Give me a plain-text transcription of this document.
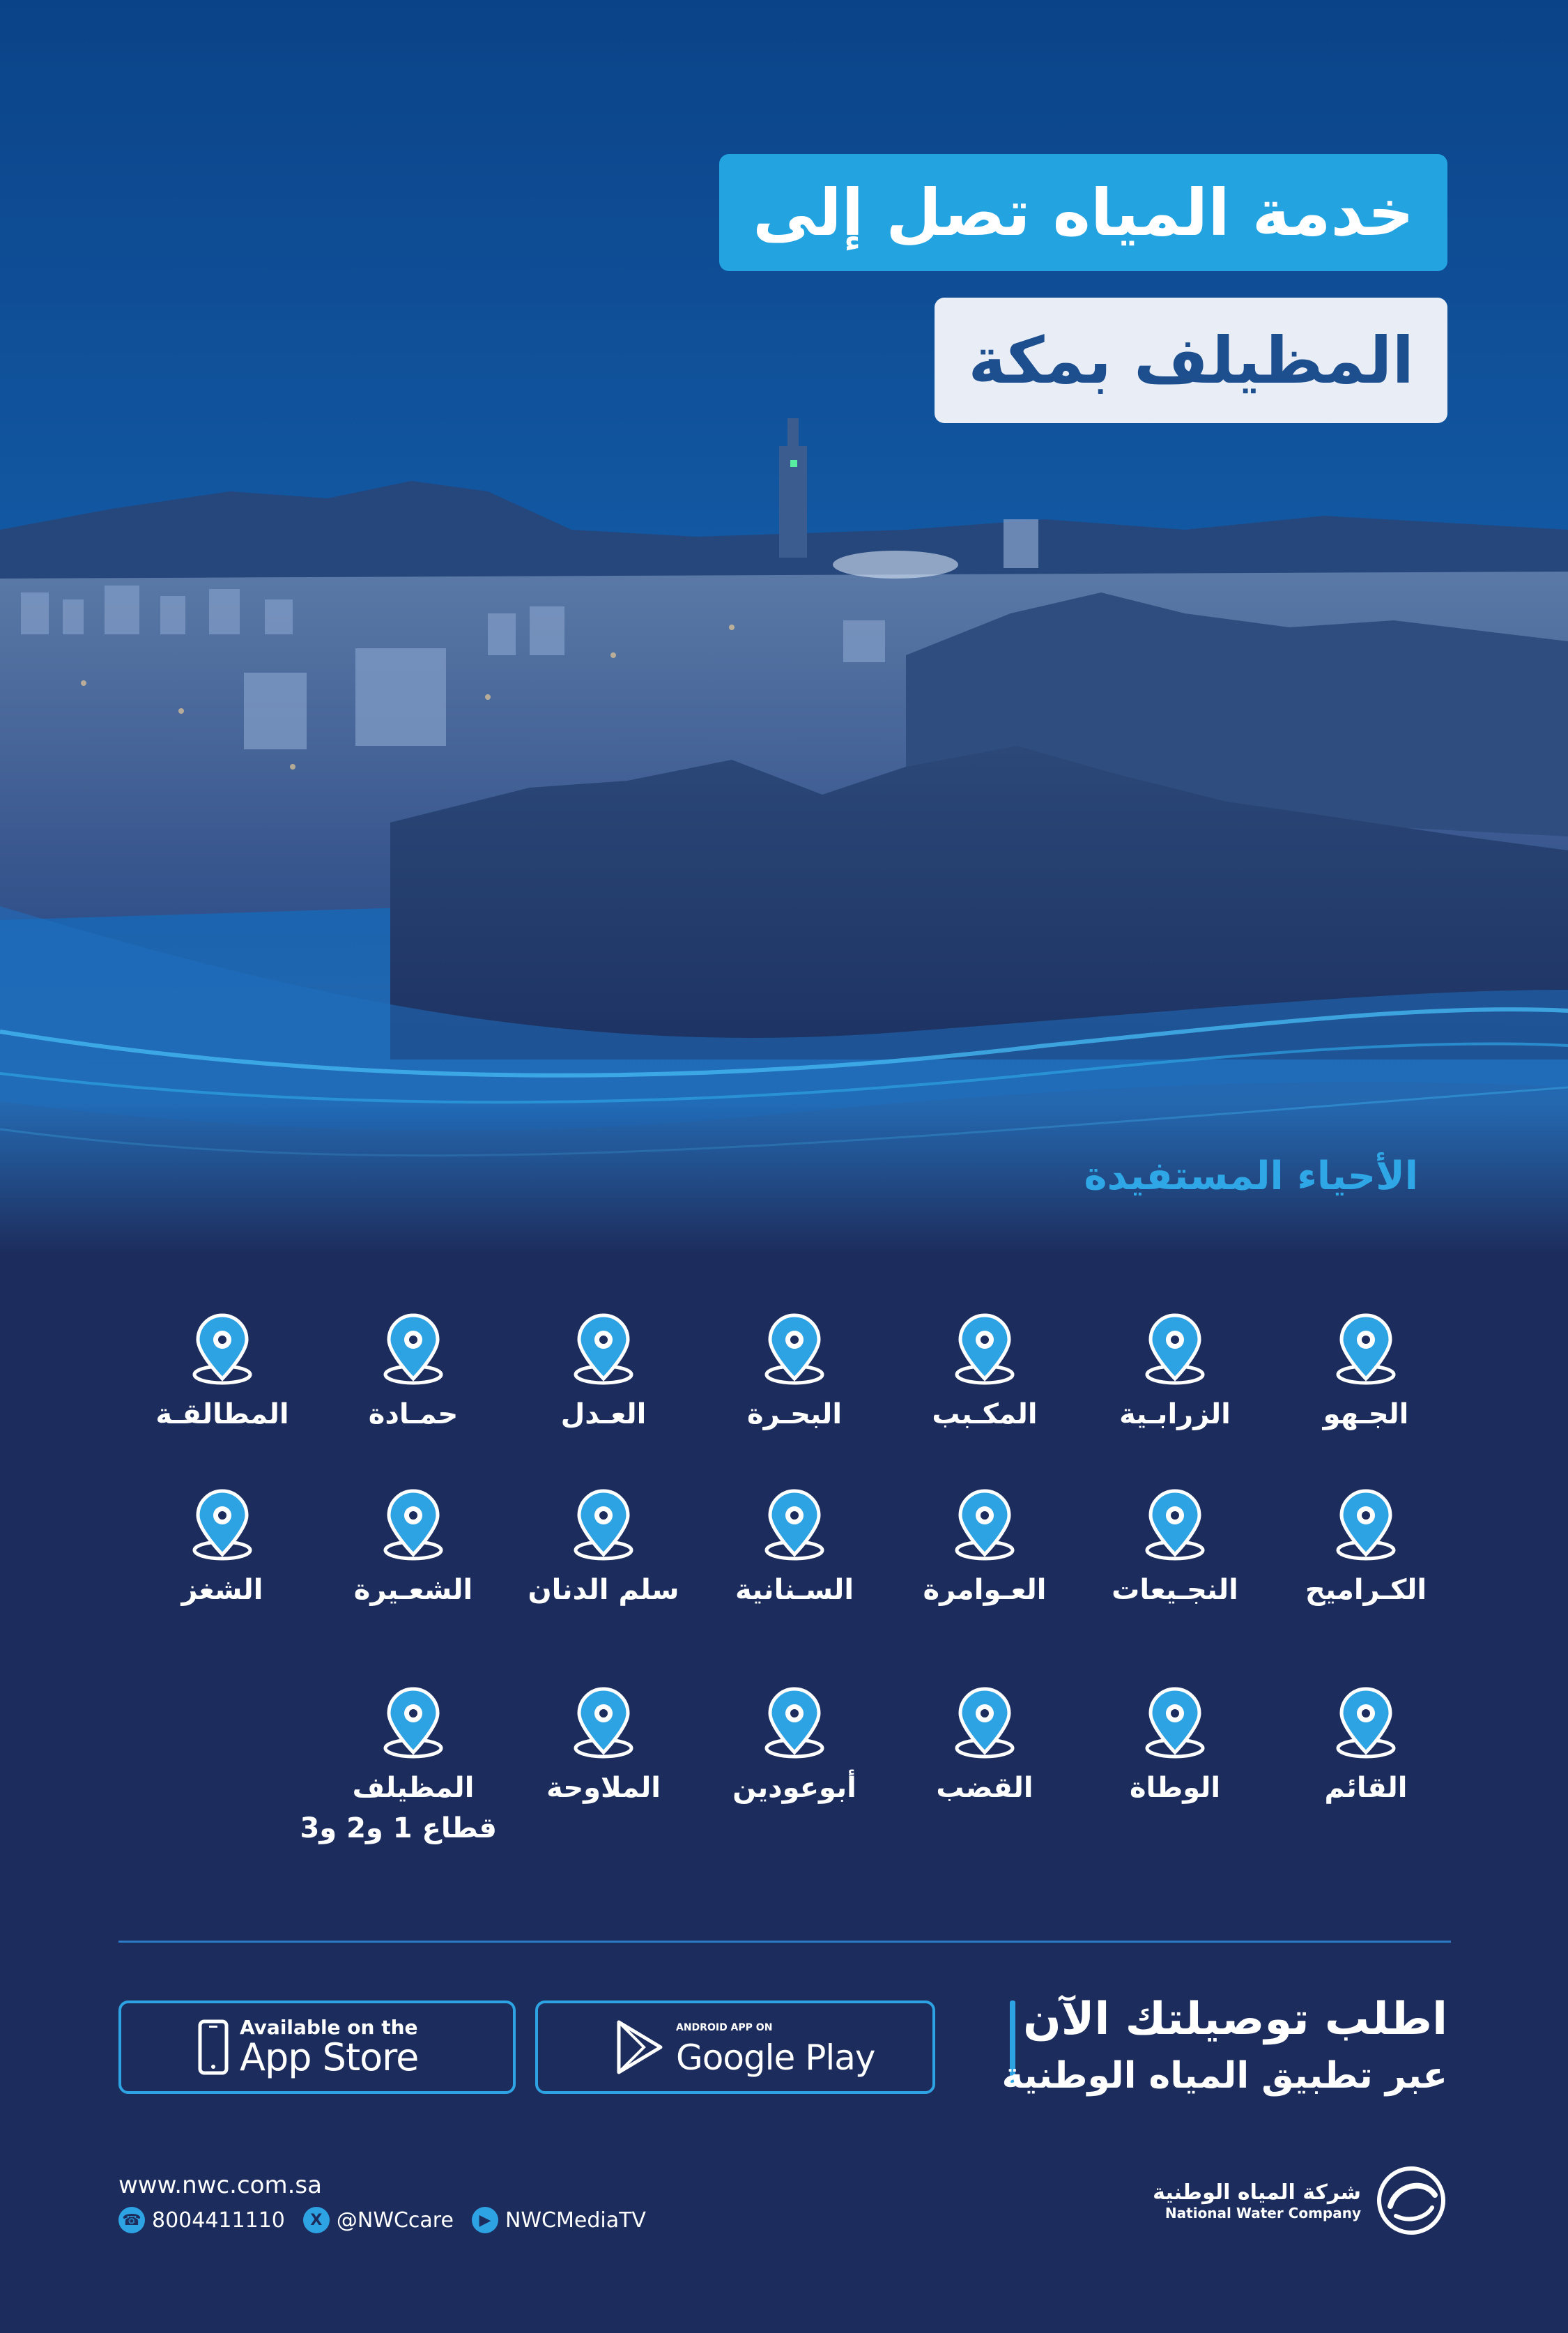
خدمة المياه تصل إلى
المظيلف بمكة
الأحياء المستفيدة
الجـهو
الزرابـية
المكـبب
البحـرة
العـدل
حمـادة
المطالقـة
الكـراميح
النجـيعات
العـوامرة
السـنانية
سلم الدنان
الشعـيرة
الشغز
القائم
الوطاة
القضب
أبوعودين
الملاوحة
المظيلف
قطاع 1 و2 و3
Available on the
App Store
ANDROID APP ON
Google Play
اطلب توصيلتك الآن
عبر تطبيق المياه الوطنية
www.nwc.com.sa
☎ 8004411110	X @NWCcare	▶ NWCMediaTV
شركة المياه الوطنية
National Water Company
